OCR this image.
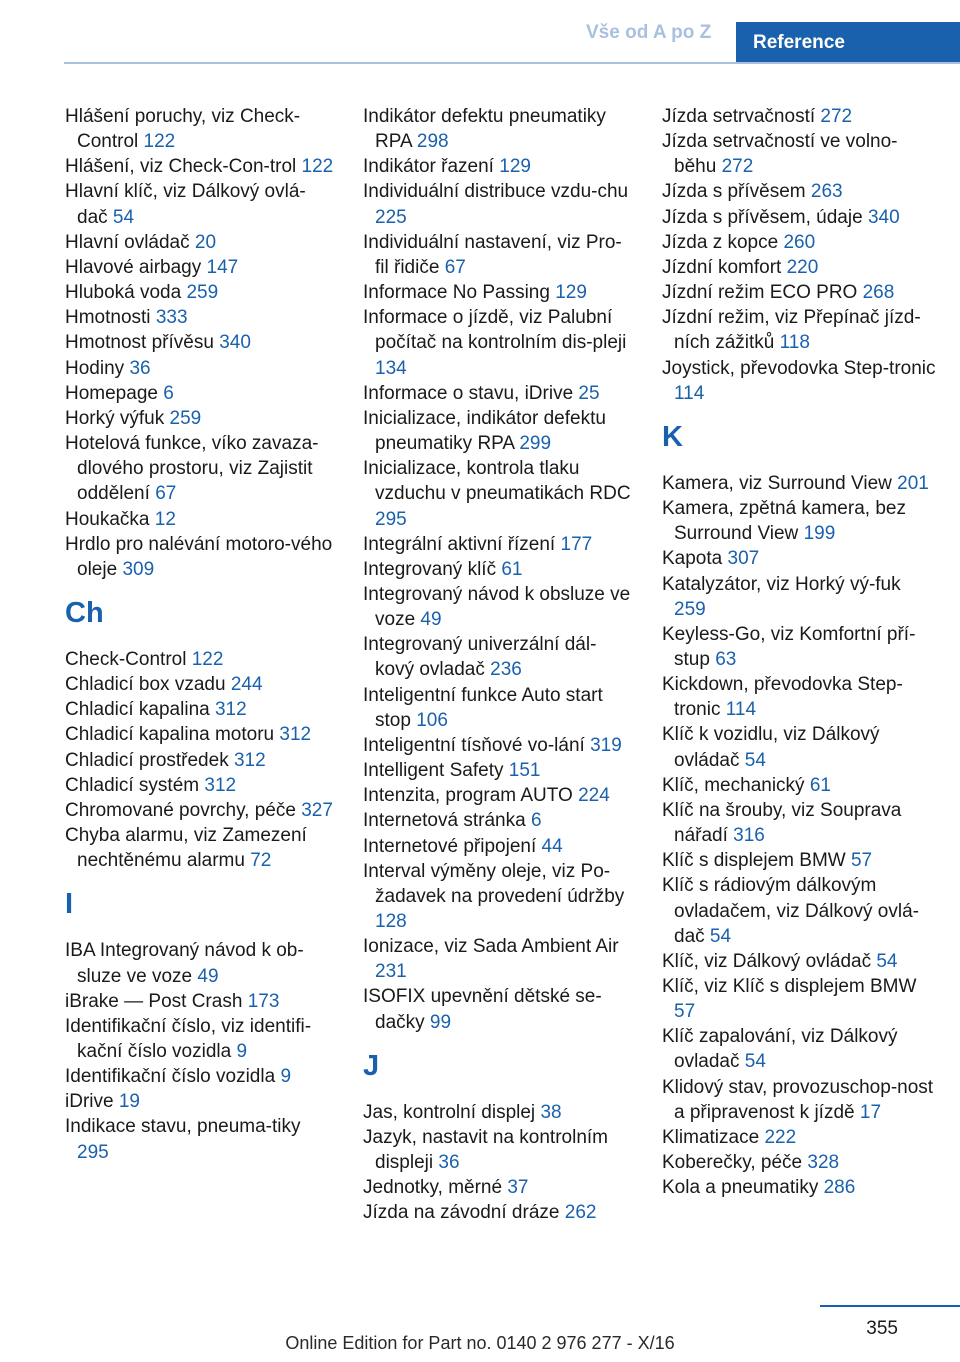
Vše od A po Z	Reference
Hlášení poruchy, viz Check-Control 122
Hlášení, viz Check-Con-trol 122
Hlavní klíč, viz Dálkový ovlá-dač 54
Hlavní ovládač 20
Hlavové airbagy 147
Hluboká voda 259
Hmotnosti 333
Hmotnost přívěsu 340
Hodiny 36
Homepage 6
Horký výfuk 259
Hotelová funkce, víko zavaza-dlového prostoru, viz Zajistit oddělení 67
Houkačka 12
Hrdlo pro nalévání motoro-vého oleje 309
Ch
Check-Control 122
Chladicí box vzadu 244
Chladicí kapalina 312
Chladicí kapalina motoru 312
Chladicí prostředek 312
Chladicí systém 312
Chromované povrchy, péče 327
Chyba alarmu, viz Zamezení nechtěnému alarmu 72
I
IBA Integrovaný návod k ob-sluze ve voze 49
iBrake — Post Crash 173
Identifikační číslo, viz identifi-kační číslo vozidla 9
Identifikační číslo vozidla 9
iDrive 19
Indikace stavu, pneuma-tiky 295
Indikátor defektu pneumatiky RPA 298
Indikátor řazení 129
Individuální distribuce vzdu-chu 225
Individuální nastavení, viz Pro-fil řidiče 67
Informace No Passing 129
Informace o jízdě, viz Palubní počítač na kontrolním dis-pleji 134
Informace o stavu, iDrive 25
Inicializace, indikátor defektu pneumatiky RPA 299
Inicializace, kontrola tlaku vzduchu v pneumatikách RDC 295
Integrální aktivní řízení 177
Integrovaný klíč 61
Integrovaný návod k obsluze ve voze 49
Integrovaný univerzální dál-kový ovladač 236
Inteligentní funkce Auto start stop 106
Inteligentní tísňové vo-lání 319
Intelligent Safety 151
Intenzita, program AUTO 224
Internetová stránka 6
Internetové připojení 44
Interval výměny oleje, viz Po-žadavek na provedení údržby 128
Ionizace, viz Sada Ambient Air 231
ISOFIX upevnění dětské se-dačky 99
J
Jas, kontrolní displej 38
Jazyk, nastavit na kontrolním displeji 36
Jednotky, měrné 37
Jízda na závodní dráze 262
Jízda setrvačností 272
Jízda setrvačností ve volno-běhu 272
Jízda s přívěsem 263
Jízda s přívěsem, údaje 340
Jízda z kopce 260
Jízdní komfort 220
Jízdní režim ECO PRO 268
Jízdní režim, viz Přepínač jízd-ních zážitků 118
Joystick, převodovka Step-tronic 114
K
Kamera, viz Surround View 201
Kamera, zpětná kamera, bez Surround View 199
Kapota 307
Katalyzátor, viz Horký vý-fuk 259
Keyless-Go, viz Komfortní pří-stup 63
Kickdown, převodovka Step-tronic 114
Klíč k vozidlu, viz Dálkový ovládač 54
Klíč, mechanický 61
Klíč na šrouby, viz Souprava nářadí 316
Klíč s displejem BMW 57
Klíč s rádiovým dálkovým ovladačem, viz Dálkový ovlá-dač 54
Klíč, viz Dálkový ovládač 54
Klíč, viz Klíč s displejem BMW 57
Klíč zapalování, viz Dálkový ovladač 54
Klidový stav, provozuschop-nost a připravenost k jízdě 17
Klimatizace 222
Koberečky, péče 328
Kola a pneumatiky 286
355
Online Edition for Part no. 0140 2 976 277 - X/16
